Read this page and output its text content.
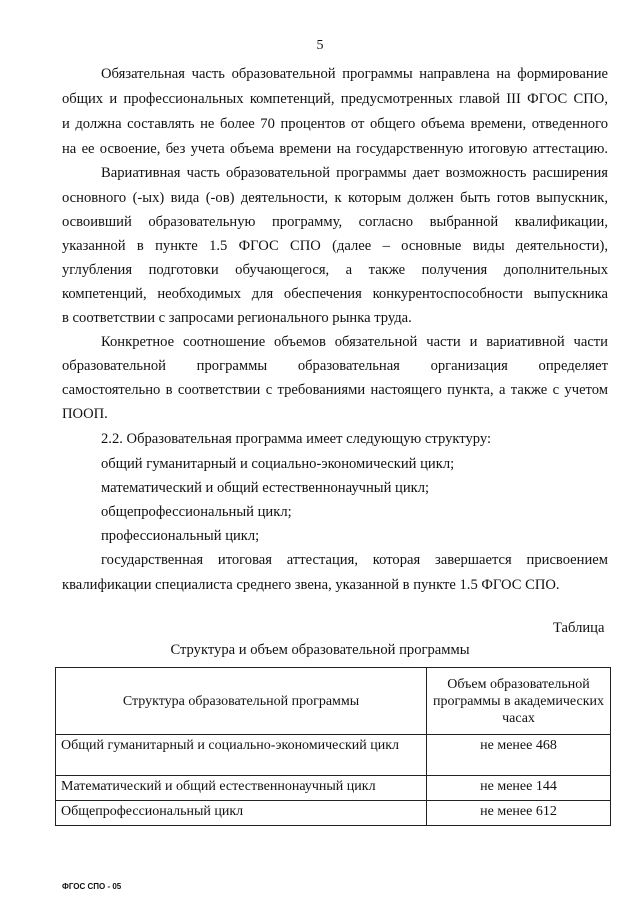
5
Обязательная часть образовательной программы направлена на формирование
общих и профессиональных компетенций, предусмотренных главой III ФГОС СПО,
и должна составлять не более 70 процентов от общего объема времени, отведенного
на ее освоение, без учета объема времени на государственную итоговую аттестацию.
Вариативная часть образовательной программы дает возможность расширения
основного (-ых) вида (-ов) деятельности, к которым должен быть готов выпускник,
освоивший образовательную программу, согласно выбранной квалификации,
указанной в пункте 1.5 ФГОС СПО (далее – основные виды деятельности),
углубления подготовки обучающегося, а также получения дополнительных
компетенций, необходимых для обеспечения конкурентоспособности выпускника
в соответствии с запросами регионального рынка труда.
Конкретное соотношение объемов обязательной части и вариативной части
образовательной программы образовательная организация определяет
самостоятельно в соответствии с требованиями настоящего пункта, а также с учетом
ПООП.
2.2. Образовательная программа имеет следующую структуру:
общий гуманитарный и социально-экономический цикл;
математический и общий естественнонаучный цикл;
общепрофессиональный цикл;
профессиональный цикл;
государственная итоговая аттестация, которая завершается присвоением
квалификации специалиста среднего звена, указанной в пункте 1.5 ФГОС СПО.
Таблица
Структура и объем образовательной программы
Структура образовательной программы	Объем образовательной программы в академических часах
Общий гуманитарный и социально-экономический цикл	не менее 468
Математический и общий естественнонаучный цикл	не менее 144
Общепрофессиональный цикл	не менее 612
ФГОС СПО - 05
